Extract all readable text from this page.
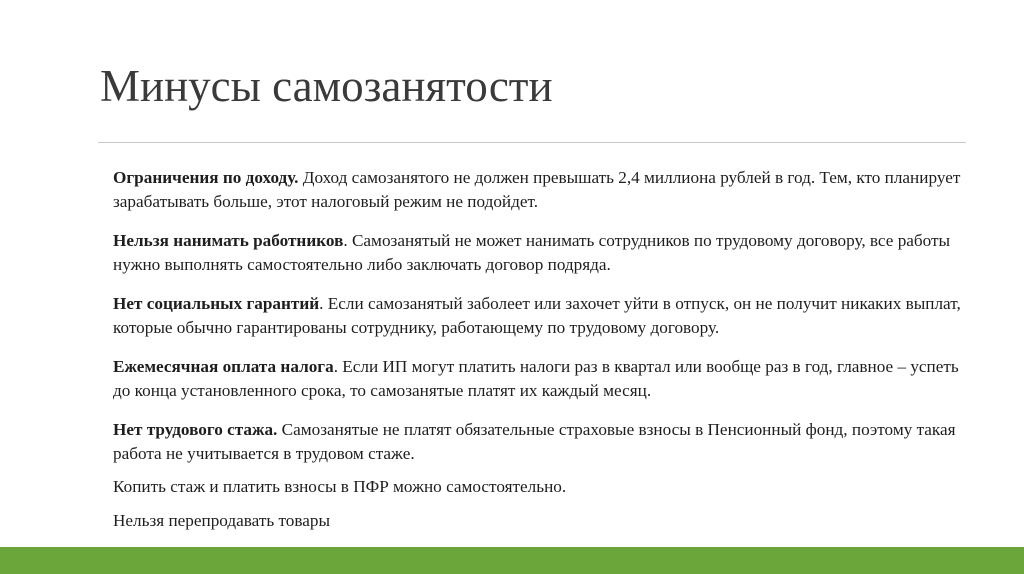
Минусы самозанятости

Ограничения по доходу. Доход самозанятого не должен превышать 2,4 миллиона рублей в год. Тем, кто планирует зарабатывать больше, этот налоговый режим не подойдет.

Нельзя нанимать работников. Самозанятый не может нанимать сотрудников по трудовому договору, все работы нужно выполнять самостоятельно либо заключать договор подряда.

Нет социальных гарантий. Если самозанятый заболеет или захочет уйти в отпуск, он не получит никаких выплат, которые обычно гарантированы сотруднику, работающему по трудовому договору.

Ежемесячная оплата налога. Если ИП могут платить налоги раз в квартал или вообще раз в год, главное – успеть до конца установленного срока, то самозанятые платят их каждый месяц.

Нет трудового стажа. Самозанятые не платят обязательные страховые взносы в Пенсионный фонд, поэтому такая работа не учитывается в трудовом стаже.

Копить стаж и платить взносы в ПФР можно самостоятельно.

Нельзя перепродавать товары
